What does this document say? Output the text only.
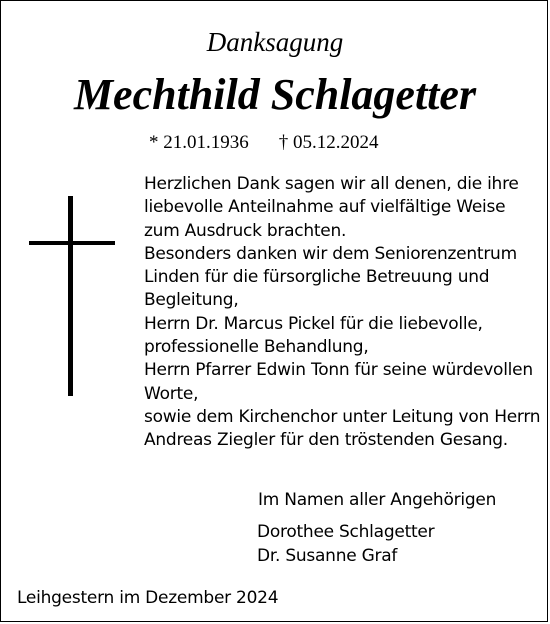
Danksagung
Mechthild Schlagetter
* 21.01.1936 † 05.12.2024
Herzlichen Dank sagen wir all denen, die ihre
liebevolle Anteilnahme auf vielfältige Weise
zum Ausdruck brachten.
Besonders danken wir dem Seniorenzentrum
Linden für die fürsorgliche Betreuung und
Begleitung,
Herrn Dr. Marcus Pickel für die liebevolle,
professionelle Behandlung,
Herrn Pfarrer Edwin Tonn für seine würdevollen
Worte,
sowie dem Kirchenchor unter Leitung von Herrn
Andreas Ziegler für den tröstenden Gesang.
Im Namen aller Angehörigen
Dorothee Schlagetter
Dr. Susanne Graf
Leihgestern im Dezember 2024
